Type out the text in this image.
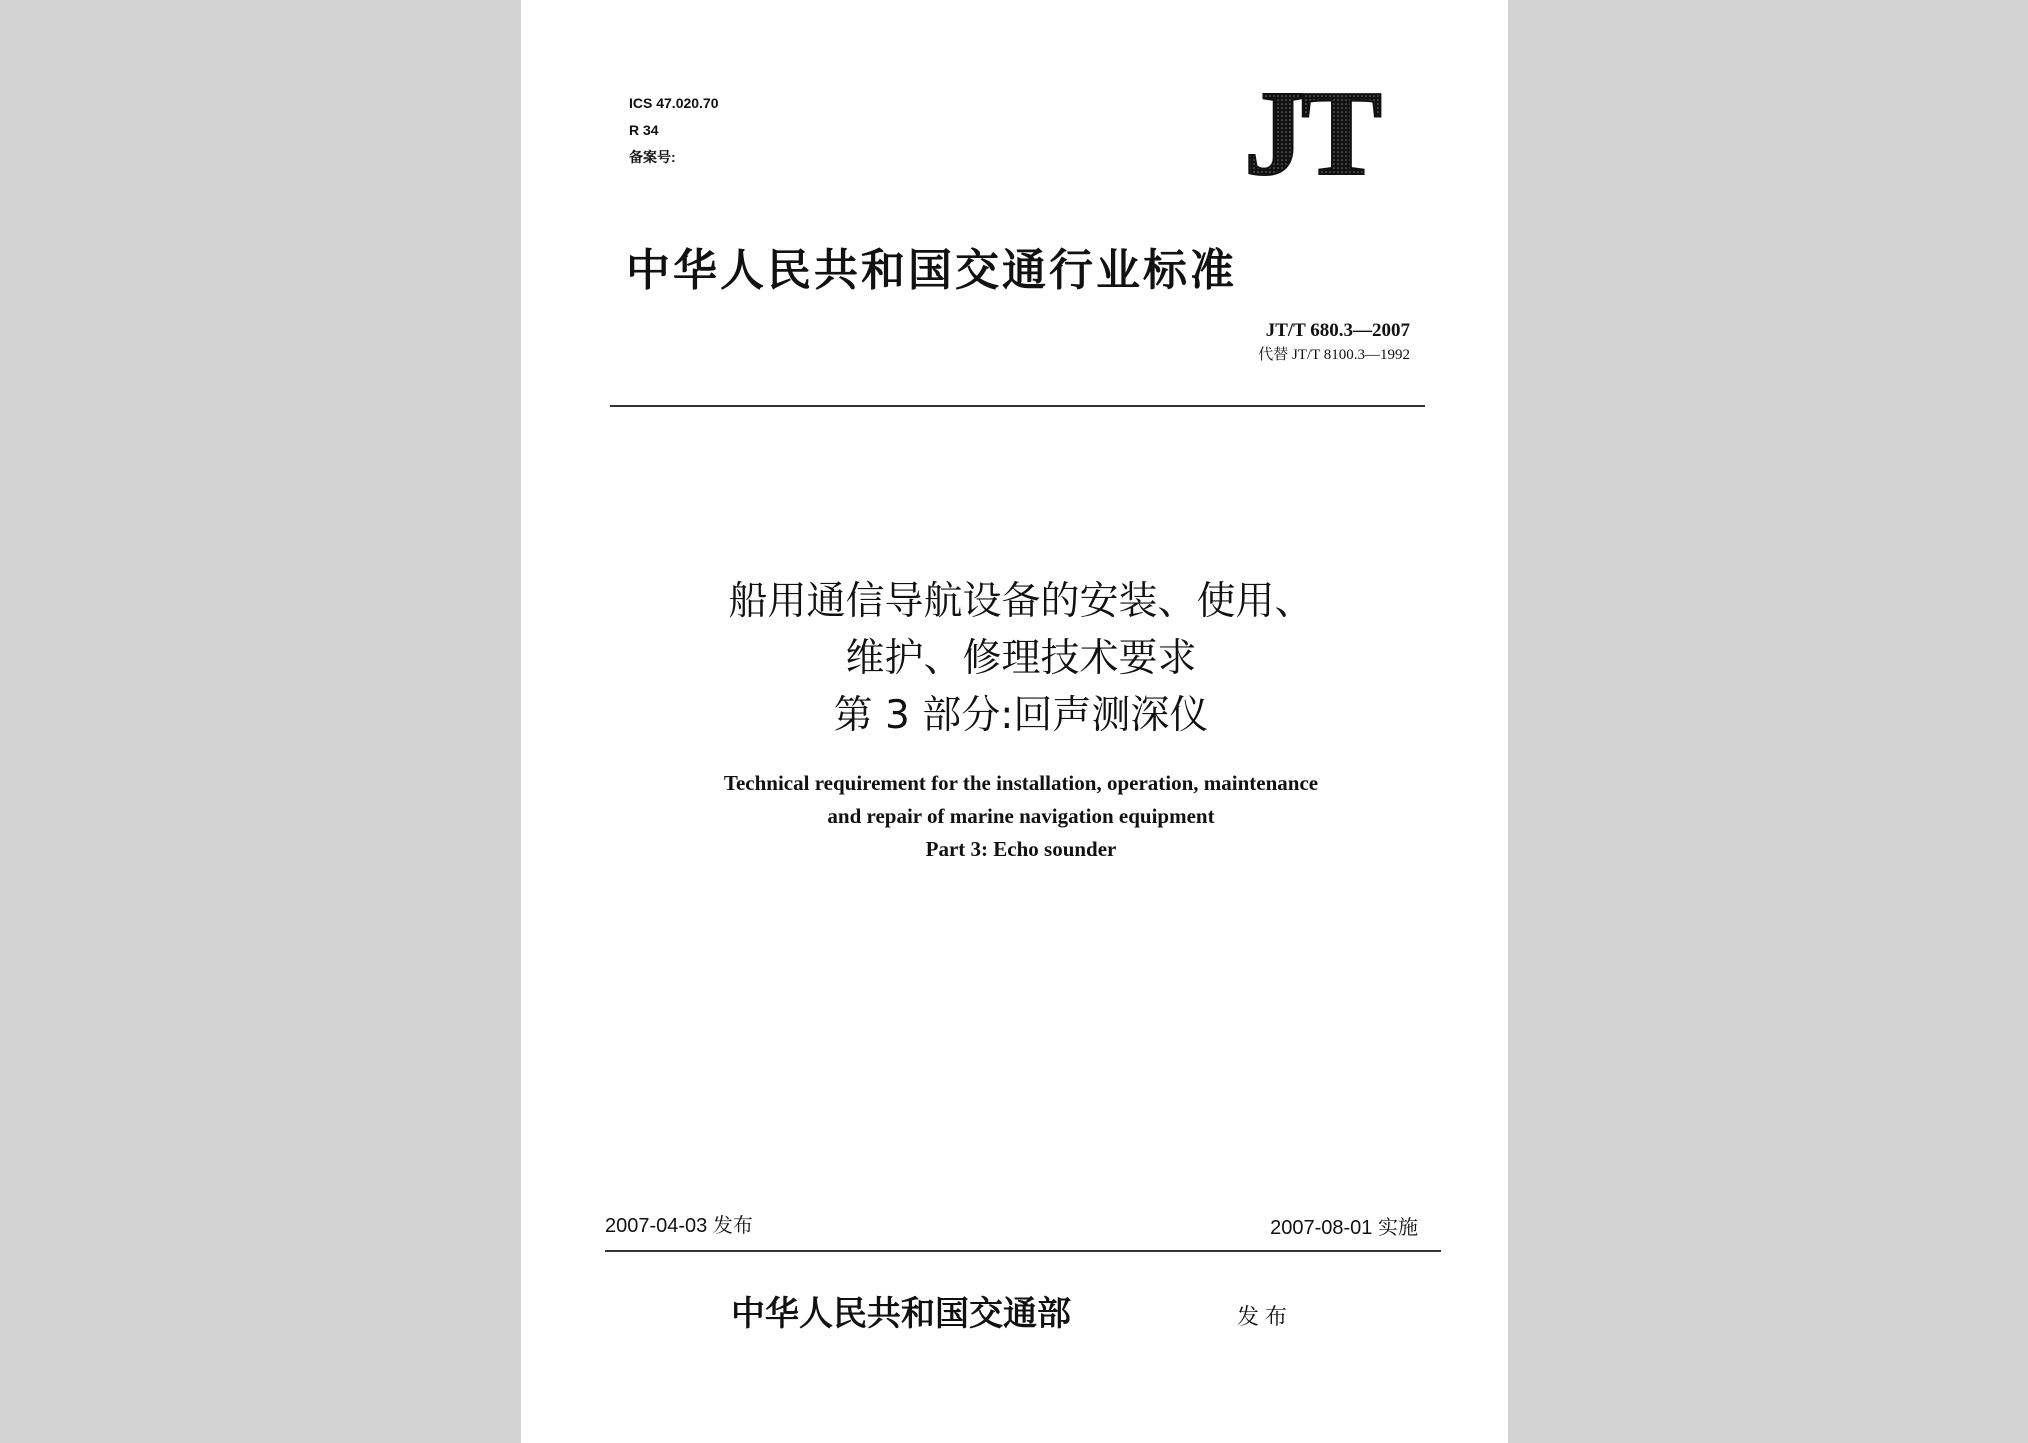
ICS 47.020.70
R 34
备案号:	JT
中华人民共和国交通行业标准
JT/T 680.3—2007
代替 JT/T 8100.3—1992
船用通信导航设备的安装、使用、
维护、修理技术要求
第 3 部分:回声测深仪
Technical requirement for the installation, operation, maintenance
and repair of marine navigation equipment
Part 3: Echo sounder
2007-04-03 发布	2007-08-01 实施
中华人民共和国交通部	发布
